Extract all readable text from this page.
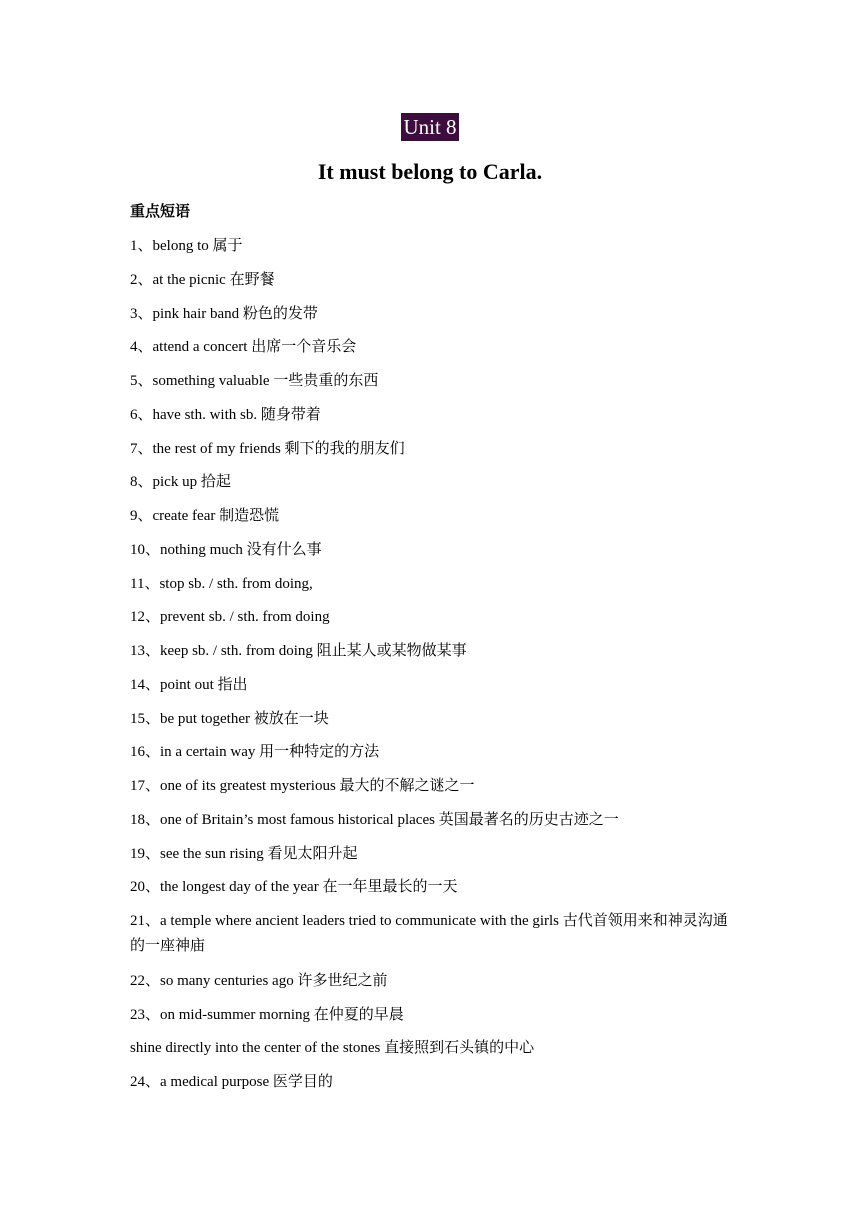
Unit 8
It must belong to Carla.
重点短语
1、belong to 属于
2、at the picnic 在野餐
3、pink hair band 粉色的发带
4、attend a concert 出席一个音乐会
5、something valuable 一些贵重的东西
6、have sth. with sb. 随身带着
7、the rest of my friends 剩下的我的朋友们
8、pick up 拾起
9、create fear 制造恐慌
10、nothing much 没有什么事
11、stop sb. / sth. from doing,
12、prevent sb. / sth. from doing
13、keep sb. / sth. from doing 阻止某人或某物做某事
14、point out 指出
15、be put together 被放在一块
16、in a certain way 用一种特定的方法
17、one of its greatest mysterious 最大的不解之谜之一
18、one of Britain’s most famous historical places 英国最著名的历史古迹之一
19、see the sun rising 看见太阳升起
20、the longest day of the year 在一年里最长的一天
21、a temple where ancient leaders tried to communicate with the girls 古代首领用来和神灵沟通的一座神庙
22、so many centuries ago 许多世纪之前
23、on mid-summer morning 在仲夏的早晨
shine directly into the center of the stones 直接照到石头镇的中心
24、a medical purpose 医学目的
